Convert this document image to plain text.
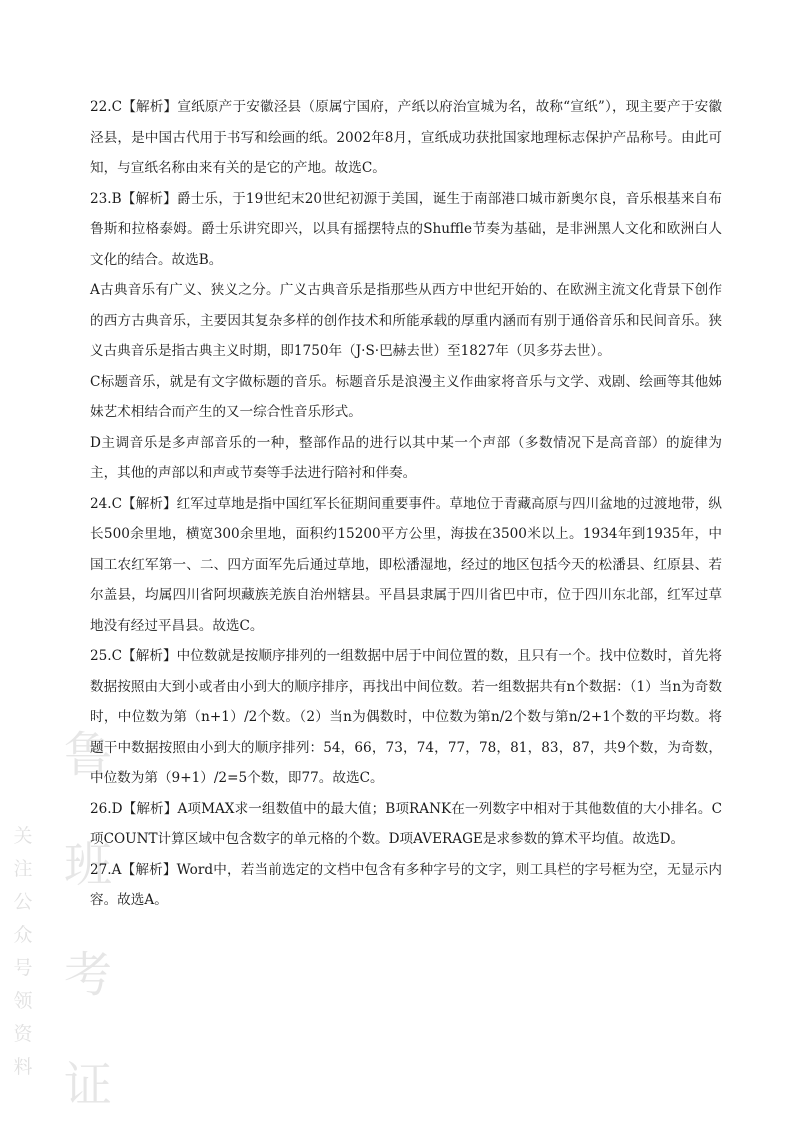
关
注
公
众
号
领
资
料
鲁
班
考
证

22.C【解析】宣纸原产于安徽泾县（原属宁国府，产纸以府治宣城为名，故称“宣纸”），现主要产于安徽泾县，是中国古代用于书写和绘画的纸。2002年8月，宣纸成功获批国家地理标志保护产品称号。由此可知，与宣纸名称由来有关的是它的产地。故选C。

23.B【解析】爵士乐，于19世纪末20世纪初源于美国，诞生于南部港口城市新奥尔良，音乐根基来自布鲁斯和拉格泰姆。爵士乐讲究即兴，以具有摇摆特点的Shuffle节奏为基础，是非洲黑人文化和欧洲白人文化的结合。故选B。

A古典音乐有广义、狭义之分。广义古典音乐是指那些从西方中世纪开始的、在欧洲主流文化背景下创作的西方古典音乐，主要因其复杂多样的创作技术和所能承载的厚重内涵而有别于通俗音乐和民间音乐。狭义古典音乐是指古典主义时期，即1750年（J·S·巴赫去世）至1827年（贝多芬去世）。

C标题音乐，就是有文字做标题的音乐。标题音乐是浪漫主义作曲家将音乐与文学、戏剧、绘画等其他姊妹艺术相结合而产生的又一综合性音乐形式。

D主调音乐是多声部音乐的一种，整部作品的进行以其中某一个声部（多数情况下是高音部）的旋律为主，其他的声部以和声或节奏等手法进行陪衬和伴奏。

24.C【解析】红军过草地是指中国红军长征期间重要事件。草地位于青藏高原与四川盆地的过渡地带，纵长500余里地，横宽300余里地，面积约15200平方公里，海拔在3500米以上。1934年到1935年，中国工农红军第一、二、四方面军先后通过草地，即松潘湿地，经过的地区包括今天的松潘县、红原县、若尔盖县，均属四川省阿坝藏族羌族自治州辖县。平昌县隶属于四川省巴中市，位于四川东北部，红军过草地没有经过平昌县。故选C。

25.C【解析】中位数就是按顺序排列的一组数据中居于中间位置的数，且只有一个。找中位数时，首先将数据按照由大到小或者由小到大的顺序排序，再找出中间位数。若一组数据共有n个数据：（1）当n为奇数时，中位数为第（n+1）/2个数。（2）当n为偶数时，中位数为第n/2个数与第n/2+1个数的平均数。将题干中数据按照由小到大的顺序排列：54，66，73，74，77，78，81，83，87，共9个数，为奇数，中位数为第（9+1）/2=5个数，即77。故选C。

26.D【解析】A项MAX求一组数值中的最大值；B项RANK在一列数字中相对于其他数值的大小排名。C项COUNT计算区域中包含数字的单元格的个数。D项AVERAGE是求参数的算术平均值。故选D。

27.A【解析】Word中，若当前选定的文档中包含有多种字号的文字，则工具栏的字号框为空，无显示内容。故选A。
